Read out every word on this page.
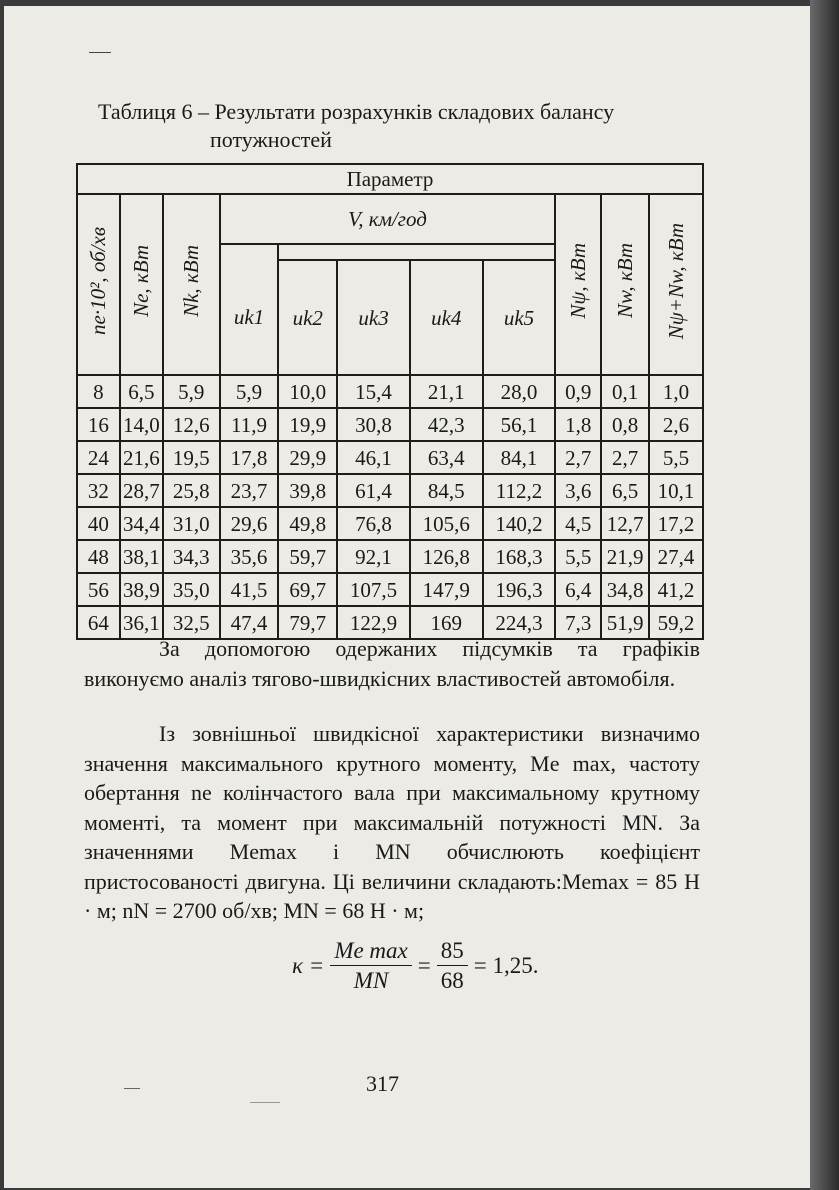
Таблиця 6 – Результати розрахунків складових балансу
потужностей
Параметр										
ne·10², об/хв	Ne, кВт	Nk, кВт	V, км/год					Nψ, кВт	Nw, кВт	Nψ+Nw, кВт

			uk1	uk2	uk3	uk4	uk5			
8	6,5	5,9	5,9	10,0	15,4	21,1	28,0	0,9	0,1	1,0
16	14,0	12,6	11,9	19,9	30,8	42,3	56,1	1,8	0,8	2,6
24	21,6	19,5	17,8	29,9	46,1	63,4	84,1	2,7	2,7	5,5
32	28,7	25,8	23,7	39,8	61,4	84,5	112,2	3,6	6,5	10,1
40	34,4	31,0	29,6	49,8	76,8	105,6	140,2	4,5	12,7	17,2
48	38,1	34,3	35,6	59,7	92,1	126,8	168,3	5,5	21,9	27,4
56	38,9	35,0	41,5	69,7	107,5	147,9	196,3	6,4	34,8	41,2
64	36,1	32,5	47,4	79,7	122,9	169	224,3	7,3	51,9	59,2

За допомогою одержаних підсумків та графіків виконуємо аналіз тягово-швидкісних властивостей автомобіля.

Із зовнішньої швидкісної характеристики визначимо значення максимального крутного моменту, Me max, частоту обертання ne колінчастого вала при максимальному крутному моменті, та момент при максимальній потужності MN. За значеннями Memax і MN обчислюють коефіцієнт пристосованості двигуна. Ці величини складають:Memax = 85 Н · м; nN = 2700 об/хв; MN = 68 Н · м;

$\kappa = \frac{\text{Me max}}{MN} = \frac{85}{68} = 1,25$.
317
